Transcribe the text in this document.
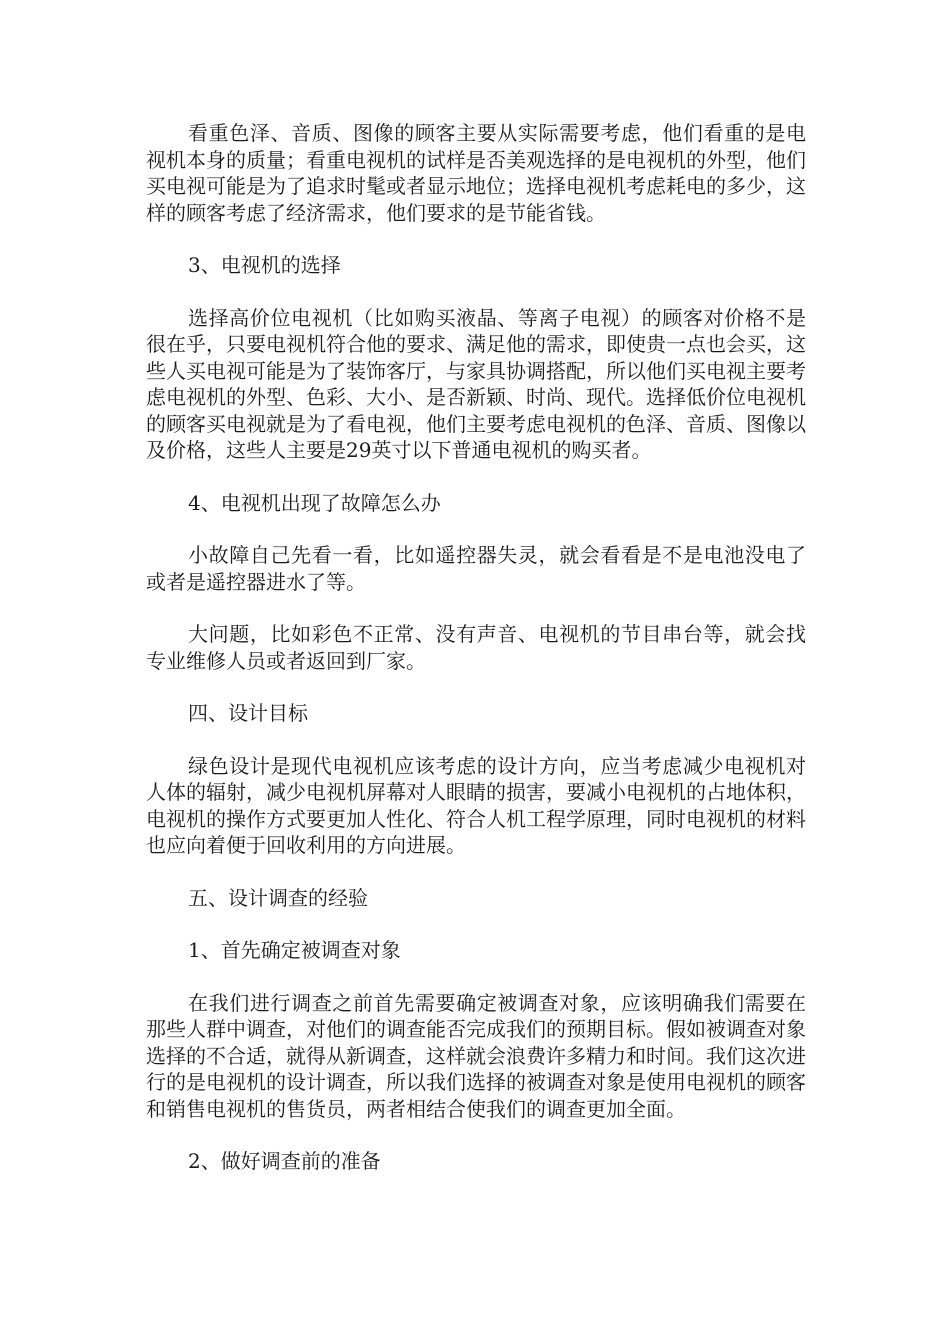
看重色泽、音质、图像的顾客主要从实际需要考虑，他们看重的是电视机本身的质量；看重电视机的试样是否美观选择的是电视机的外型，他们买电视可能是为了追求时髦或者显示地位；选择电视机考虑耗电的多少，这样的顾客考虑了经济需求，他们要求的是节能省钱。

3、电视机的选择

选择高价位电视机（比如购买液晶、等离子电视）的顾客对价格不是很在乎，只要电视机符合他的要求、满足他的需求，即使贵一点也会买，这些人买电视可能是为了装饰客厅，与家具协调搭配，所以他们买电视主要考虑电视机的外型、色彩、大小、是否新颖、时尚、现代。选择低价位电视机的顾客买电视就是为了看电视，他们主要考虑电视机的色泽、音质、图像以及价格，这些人主要是29英寸以下普通电视机的购买者。

4、电视机出现了故障怎么办

小故障自己先看一看，比如遥控器失灵，就会看看是不是电池没电了或者是遥控器进水了等。

大问题，比如彩色不正常、没有声音、电视机的节目串台等，就会找专业维修人员或者返回到厂家。

四、设计目标

绿色设计是现代电视机应该考虑的设计方向，应当考虑减少电视机对人体的辐射，减少电视机屏幕对人眼睛的损害，要减小电视机的占地体积，电视机的操作方式要更加人性化、符合人机工程学原理，同时电视机的材料也应向着便于回收利用的方向进展。

五、设计调查的经验

1、首先确定被调查对象

在我们进行调查之前首先需要确定被调查对象，应该明确我们需要在那些人群中调查，对他们的调查能否完成我们的预期目标。假如被调查对象选择的不合适，就得从新调查，这样就会浪费许多精力和时间。我们这次进行的是电视机的设计调查，所以我们选择的被调查对象是使用电视机的顾客和销售电视机的售货员，两者相结合使我们的调查更加全面。

2、做好调查前的准备
